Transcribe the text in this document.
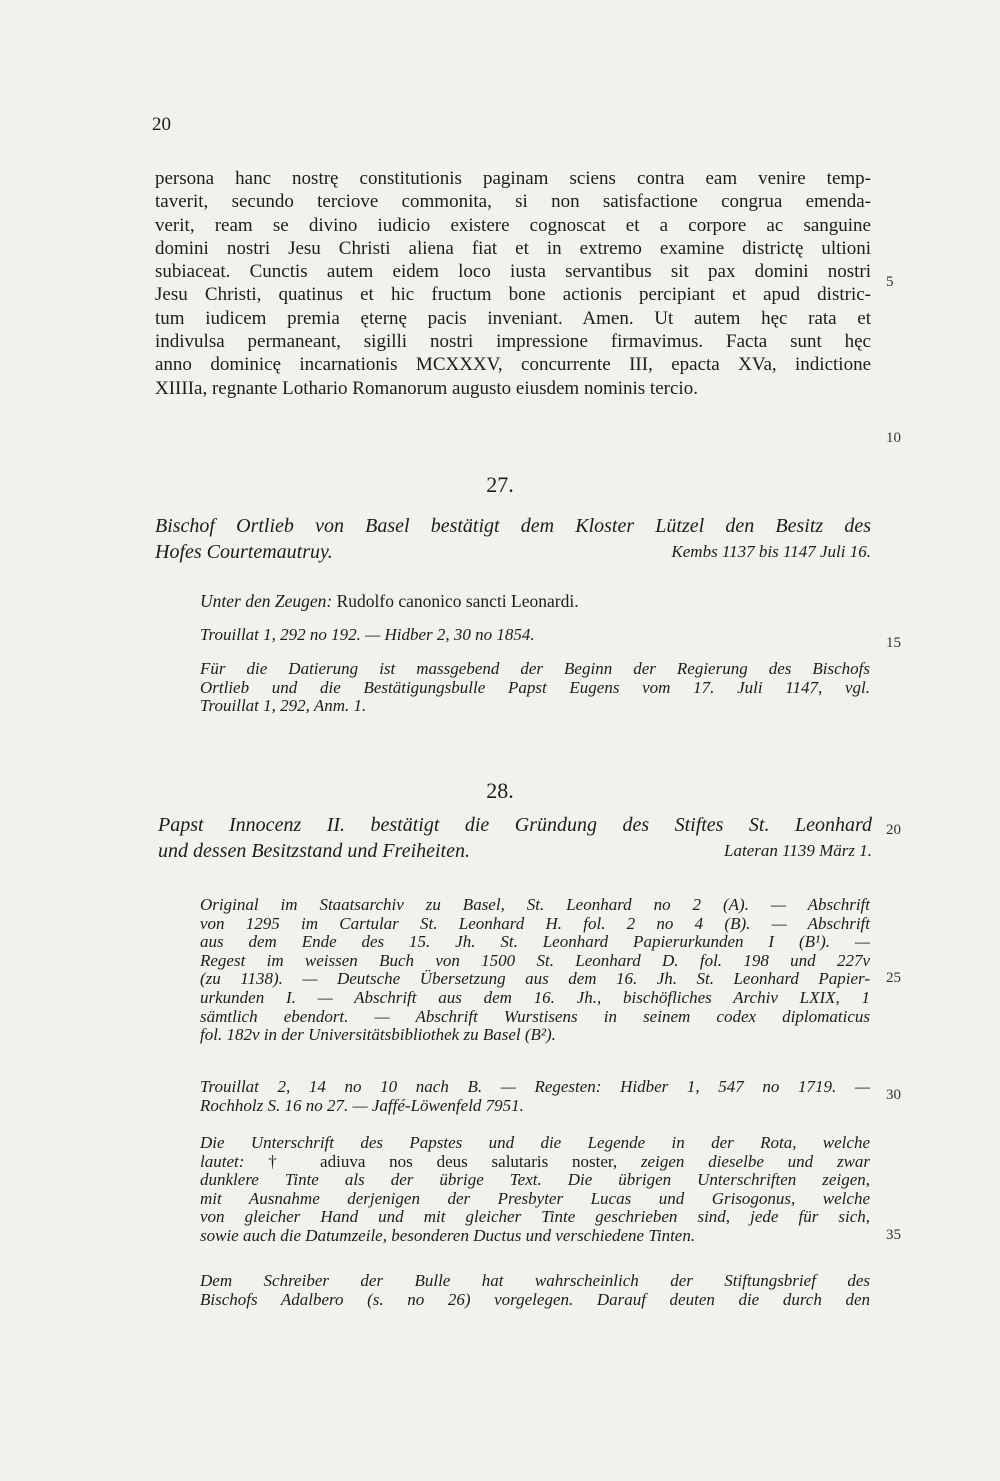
20
persona hanc nostrę constitutionis paginam sciens contra eam venire temp-
taverit, secundo terciove commonita, si non satisfactione congrua emenda-
verit, ream se divino iudicio existere cognoscat et a corpore ac sanguine
domini nostri Jesu Christi aliena fiat et in extremo examine districtę ultioni
subiaceat. Cunctis autem eidem loco iusta servantibus sit pax domini nostri
Jesu Christi, quatinus et hic fructum bone actionis percipiant et apud distric-
tum iudicem premia ęternę pacis inveniant. Amen. Ut autem hęc rata et
indivulsa permaneant, sigilli nostri impressione firmavimus. Facta sunt hęc
anno dominicę incarnationis MCXXXV, concurrente III, epacta XVa, indictione
XIIIIa, regnante Lothario Romanorum augusto eiusdem nominis tercio.
5
10
27.
Bischof Ortlieb von Basel bestätigt dem Kloster Lützel den Besitz des
Hofes Courtemautruy.	Kembs 1137 bis 1147 Juli 16.
Unter den Zeugen: Rudolfo canonico sancti Leonardi.
Trouillat 1, 292 no 192. — Hidber 2, 30 no 1854.	15
Für die Datierung ist massgebend der Beginn der Regierung des Bischofs
Ortlieb und die Bestätigungsbulle Papst Eugens vom 17. Juli 1147, vgl.
Trouillat 1, 292, Anm. 1.
28.
Papst Innocenz II. bestätigt die Gründung des Stiftes St. Leonhard
und dessen Besitzstand und Freiheiten.	Lateran 1139 März 1.
20
Original im Staatsarchiv zu Basel, St. Leonhard no 2 (A). — Abschrift
von 1295 im Cartular St. Leonhard H. fol. 2 no 4 (B). — Abschrift
aus dem Ende des 15. Jh. St. Leonhard Papierurkunden I (B¹). —
Regest im weissen Buch von 1500 St. Leonhard D. fol. 198 und 227v
(zu 1138). — Deutsche Übersetzung aus dem 16. Jh. St. Leonhard Papier-
urkunden I. — Abschrift aus dem 16. Jh., bischöfliches Archiv LXIX, 1
sämtlich ebendort. — Abschrift Wurstisens in seinem codex diplomaticus
fol. 182v in der Universitätsbibliothek zu Basel (B²).
25
Trouillat 2, 14 no 10 nach B. — Regesten: Hidber 1, 547 no 1719. —
Rochholz S. 16 no 27. — Jaffé-Löwenfeld 7951.
30
Die Unterschrift des Papstes und die Legende in der Rota, welche
lautet: † adiuva nos deus salutaris noster, zeigen dieselbe und zwar
dunklere Tinte als der übrige Text. Die übrigen Unterschriften zeigen,
mit Ausnahme derjenigen der Presbyter Lucas und Grisogonus, welche
von gleicher Hand und mit gleicher Tinte geschrieben sind, jede für sich,
sowie auch die Datumzeile, besonderen Ductus und verschiedene Tinten.	35
Dem Schreiber der Bulle hat wahrscheinlich der Stiftungsbrief des
Bischofs Adalbero (s. no 26) vorgelegen. Darauf deuten die durch den
